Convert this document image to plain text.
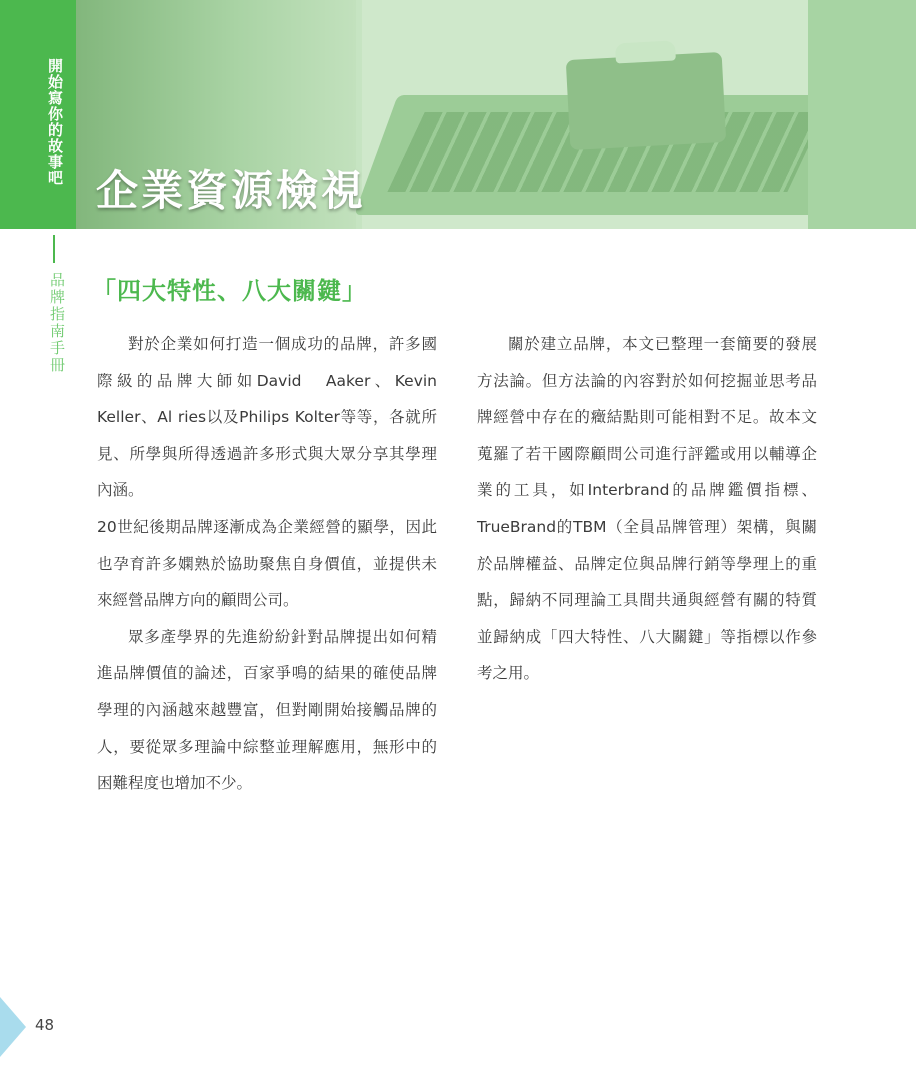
開始寫你的故事吧
品牌指南手冊
企業資源檢視
「四大特性、八大關鍵」

對於企業如何打造一個成功的品牌，許多國際級的品牌大師如David　Aaker、Kevin Keller、Al ries以及Philips Kolter等等，各就所見、所學與所得透過許多形式與大眾分享其學理內涵。

20世紀後期品牌逐漸成為企業經營的顯學，因此也孕育許多嫻熟於協助聚焦自身價值，並提供未來經營品牌方向的顧問公司。

眾多產學界的先進紛紛針對品牌提出如何精進品牌價值的論述，百家爭鳴的結果的確使品牌學理的內涵越來越豐富，但對剛開始接觸品牌的人，要從眾多理論中綜整並理解應用，無形中的困難程度也增加不少。

關於建立品牌，本文已整理一套簡要的發展方法論。但方法論的內容對於如何挖掘並思考品牌經營中存在的癥結點則可能相對不足。故本文蒐羅了若干國際顧問公司進行評鑑或用以輔導企業的工具，如Interbrand的品牌鑑價指標、TrueBrand的TBM（全員品牌管理）架構，與關於品牌權益、品牌定位與品牌行銷等學理上的重點，歸納不同理論工具間共通與經營有關的特質並歸納成「四大特性、八大關鍵」等指標以作參考之用。

48
